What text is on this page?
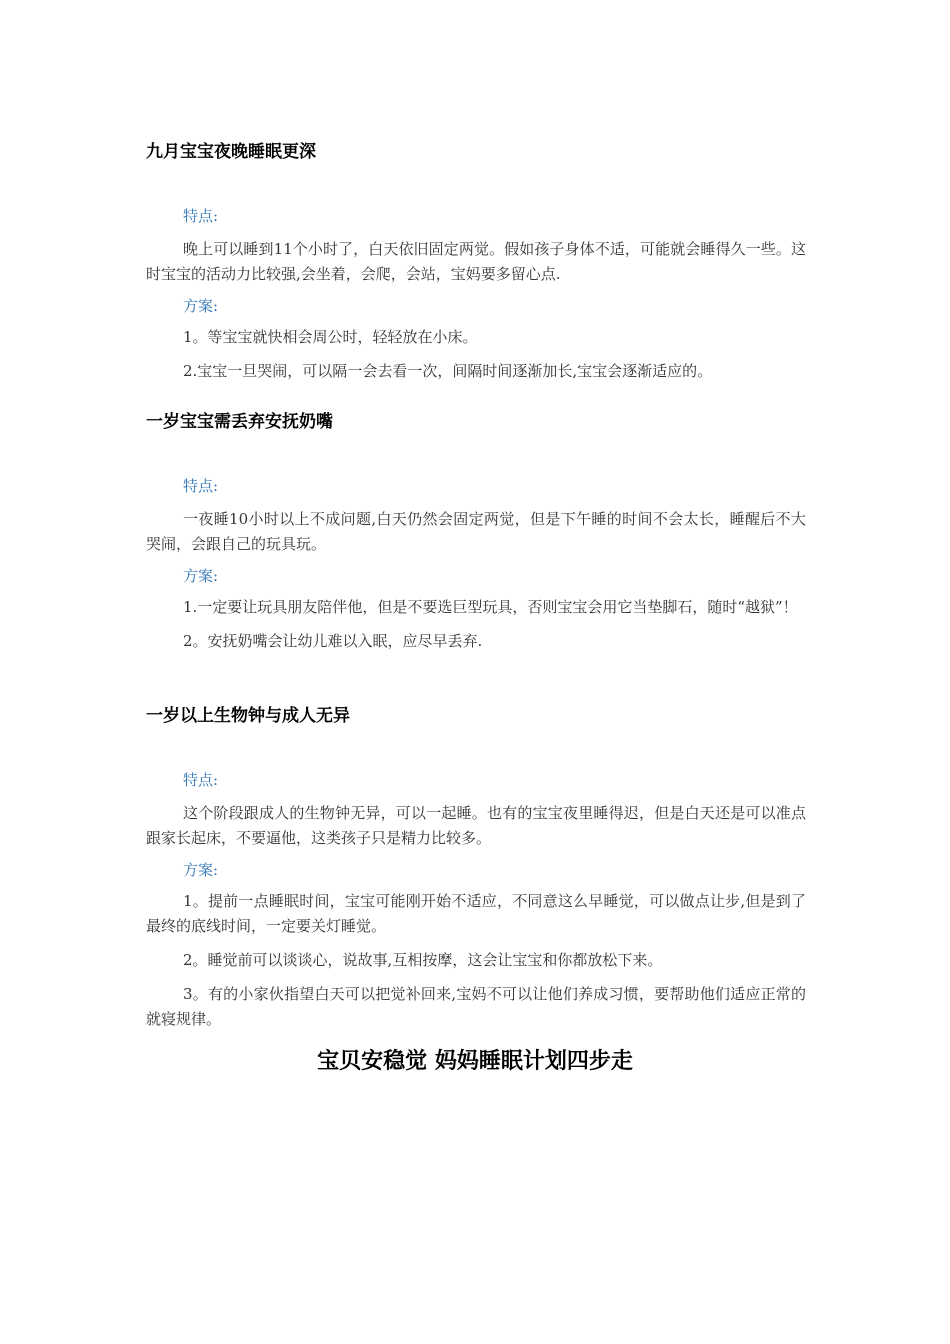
九月宝宝夜晚睡眠更深

特点:

晚上可以睡到11个小时了，白天依旧固定两觉。假如孩子身体不适，可能就会睡得久一些。这时宝宝的活动力比较强,会坐着，会爬，会站，宝妈要多留心点.

方案:

1。等宝宝就快相会周公时，轻轻放在小床。

2.宝宝一旦哭闹，可以隔一会去看一次，间隔时间逐渐加长,宝宝会逐渐适应的。

一岁宝宝需丢弃安抚奶嘴

特点:

一夜睡10小时以上不成问题,白天仍然会固定两觉，但是下午睡的时间不会太长，睡醒后不大哭闹，会跟自己的玩具玩。

方案:

1.一定要让玩具朋友陪伴他，但是不要选巨型玩具，否则宝宝会用它当垫脚石，随时“越狱”！

2。安抚奶嘴会让幼儿难以入眠，应尽早丢弃.

一岁以上生物钟与成人无异

特点:

这个阶段跟成人的生物钟无异，可以一起睡。也有的宝宝夜里睡得迟，但是白天还是可以准点跟家长起床，不要逼他，这类孩子只是精力比较多。

方案:

1。提前一点睡眠时间，宝宝可能刚开始不适应，不同意这么早睡觉，可以做点让步,但是到了最终的底线时间，一定要关灯睡觉。

2。睡觉前可以谈谈心，说故事,互相按摩，这会让宝宝和你都放松下来。

3。有的小家伙指望白天可以把觉补回来,宝妈不可以让他们养成习惯，要帮助他们适应正常的就寝规律。

宝贝安稳觉 妈妈睡眠计划四步走
